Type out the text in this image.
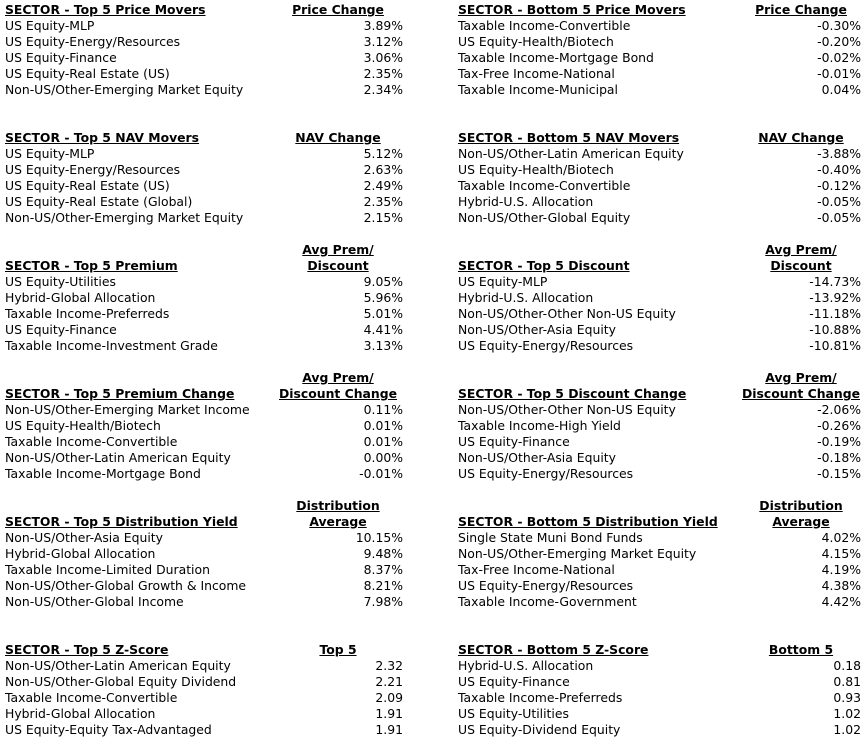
SECTOR - Top 5 Price Movers	Price Change
US Equity-MLP	3.89%
US Equity-Energy/Resources	3.12%
US Equity-Finance	3.06%
US Equity-Real Estate (US)	2.35%
Non-US/Other-Emerging Market Equity	2.34%
SECTOR - Bottom 5 Price Movers	Price Change
Taxable Income-Convertible	-0.30%
US Equity-Health/Biotech	-0.20%
Taxable Income-Mortgage Bond	-0.02%
Tax-Free Income-National	-0.01%
Taxable Income-Municipal	0.04%
SECTOR - Top 5 NAV Movers	NAV Change
US Equity-MLP	5.12%
US Equity-Energy/Resources	2.63%
US Equity-Real Estate (US)	2.49%
US Equity-Real Estate (Global)	2.35%
Non-US/Other-Emerging Market Equity	2.15%
SECTOR - Bottom 5 NAV Movers	NAV Change
Non-US/Other-Latin American Equity	-3.88%
US Equity-Health/Biotech	-0.40%
Taxable Income-Convertible	-0.12%
Hybrid-U.S. Allocation	-0.05%
Non-US/Other-Global Equity	-0.05%
SECTOR - Top 5 Premium
Avg Prem/
Discount
US Equity-Utilities	9.05%
Hybrid-Global Allocation	5.96%
Taxable Income-Preferreds	5.01%
US Equity-Finance	4.41%
Taxable Income-Investment Grade	3.13%
SECTOR - Top 5 Discount
Avg Prem/
Discount
US Equity-MLP	-14.73%
Hybrid-U.S. Allocation	-13.92%
Non-US/Other-Other Non-US Equity	-11.18%
Non-US/Other-Asia Equity	-10.88%
US Equity-Energy/Resources	-10.81%
SECTOR - Top 5 Premium Change
Avg Prem/
Discount Change
Non-US/Other-Emerging Market Income	0.11%
US Equity-Health/Biotech	0.01%
Taxable Income-Convertible	0.01%
Non-US/Other-Latin American Equity	0.00%
Taxable Income-Mortgage Bond	-0.01%
SECTOR - Top 5 Discount Change
Avg Prem/
Discount Change
Non-US/Other-Other Non-US Equity	-2.06%
Taxable Income-High Yield	-0.26%
US Equity-Finance	-0.19%
Non-US/Other-Asia Equity	-0.18%
US Equity-Energy/Resources	-0.15%
SECTOR - Top 5 Distribution Yield
Distribution
Average
Non-US/Other-Asia Equity	10.15%
Hybrid-Global Allocation	9.48%
Taxable Income-Limited Duration	8.37%
Non-US/Other-Global Growth & Income	8.21%
Non-US/Other-Global Income	7.98%
SECTOR - Bottom 5 Distribution Yield
Distribution
Average
Single State Muni Bond Funds	4.02%
Non-US/Other-Emerging Market Equity	4.15%
Tax-Free Income-National	4.19%
US Equity-Energy/Resources	4.38%
Taxable Income-Government	4.42%
SECTOR - Top 5 Z-Score	Top 5
Non-US/Other-Latin American Equity	2.32
Non-US/Other-Global Equity Dividend	2.21
Taxable Income-Convertible	2.09
Hybrid-Global Allocation	1.91
US Equity-Equity Tax-Advantaged	1.91
SECTOR - Bottom 5 Z-Score	Bottom 5
Hybrid-U.S. Allocation	0.18
US Equity-Finance	0.81
Taxable Income-Preferreds	0.93
US Equity-Utilities	1.02
US Equity-Dividend Equity	1.02
